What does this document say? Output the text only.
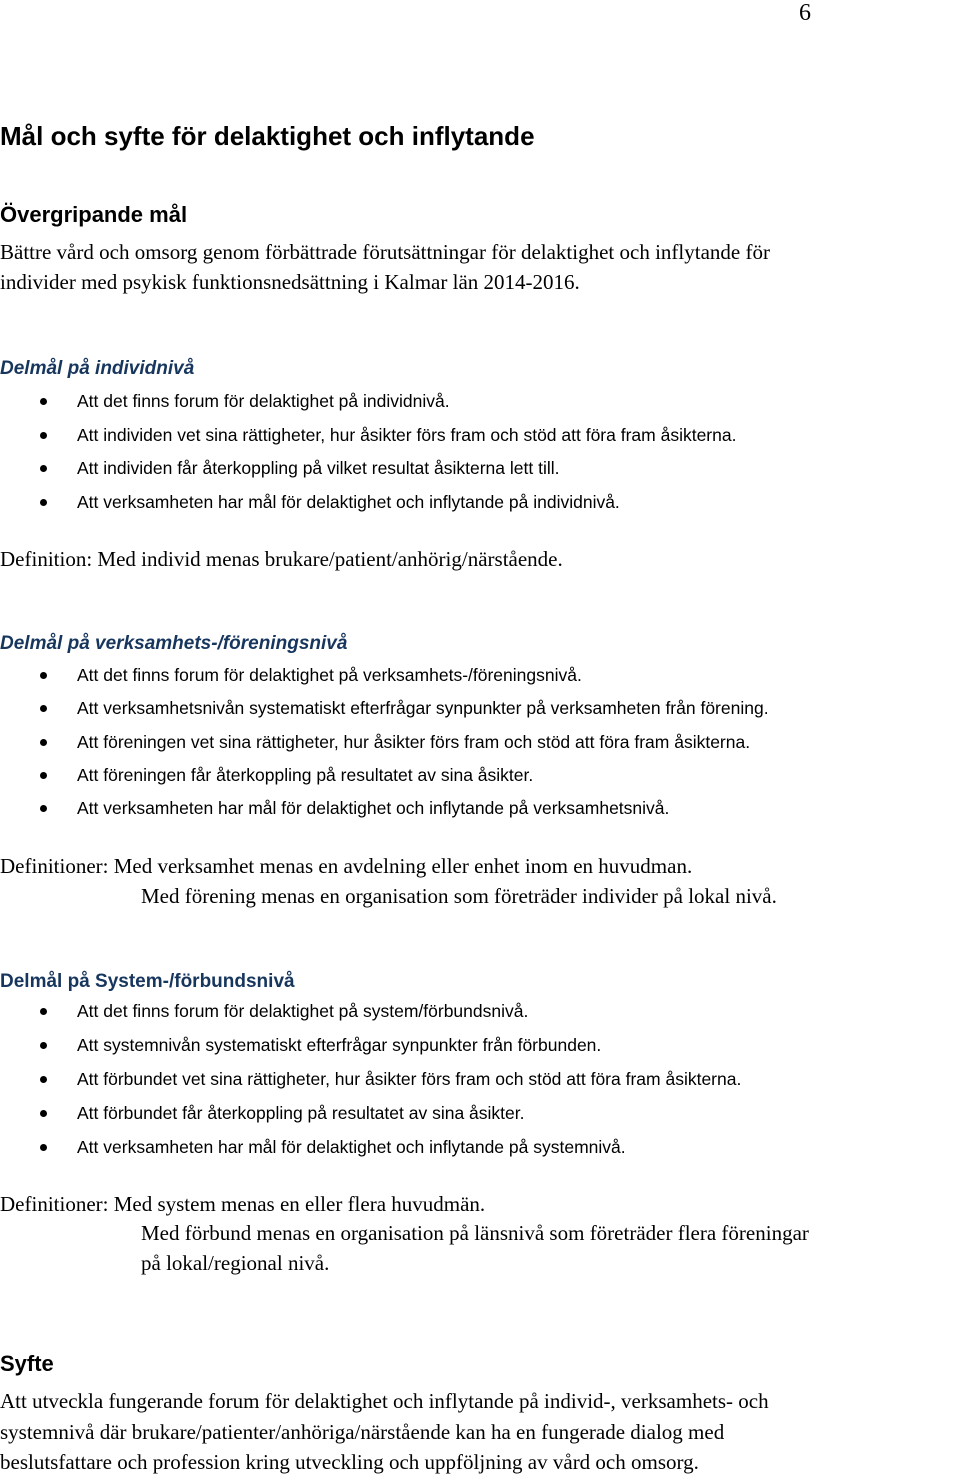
6
Mål och syfte för delaktighet och inflytande
Övergripande mål
Bättre vård och omsorg genom förbättrade förutsättningar för delaktighet och inflytande för
individer med psykisk funktionsnedsättning i Kalmar län 2014-2016.
Delmål på individnivå
Att det finns forum för delaktighet på individnivå.
Att individen vet sina rättigheter, hur åsikter förs fram och stöd att föra fram åsikterna.
Att individen får återkoppling på vilket resultat åsikterna lett till.
Att verksamheten har mål för delaktighet och inflytande på individnivå.
Definition: Med individ menas brukare/patient/anhörig/närstående.
Delmål på verksamhets-/föreningsnivå
Att det finns forum för delaktighet på verksamhets-/föreningsnivå.
Att verksamhetsnivån systematiskt efterfrågar synpunkter på verksamheten från förening.
Att föreningen vet sina rättigheter, hur åsikter förs fram och stöd att föra fram åsikterna.
Att föreningen får återkoppling på resultatet av sina åsikter.
Att verksamheten har mål för delaktighet och inflytande på verksamhetsnivå.
Definitioner: Med verksamhet menas en avdelning eller enhet inom en huvudman.
Med förening menas en organisation som företräder individer på lokal nivå.
Delmål på System-/förbundsnivå
Att det finns forum för delaktighet på system/förbundsnivå.
Att systemnivån systematiskt efterfrågar synpunkter från förbunden.
Att förbundet vet sina rättigheter, hur åsikter förs fram och stöd att föra fram åsikterna.
Att förbundet får återkoppling på resultatet av sina åsikter.
Att verksamheten har mål för delaktighet och inflytande på systemnivå.
Definitioner: Med system menas en eller flera huvudmän.
Med förbund menas en organisation på länsnivå som företräder flera föreningar
på lokal/regional nivå.
Syfte
Att utveckla fungerande forum för delaktighet och inflytande på individ-, verksamhets- och
systemnivå där brukare/patienter/anhöriga/närstående kan ha en fungerade dialog med
beslutsfattare och profession kring utveckling och uppföljning av vård och omsorg.
